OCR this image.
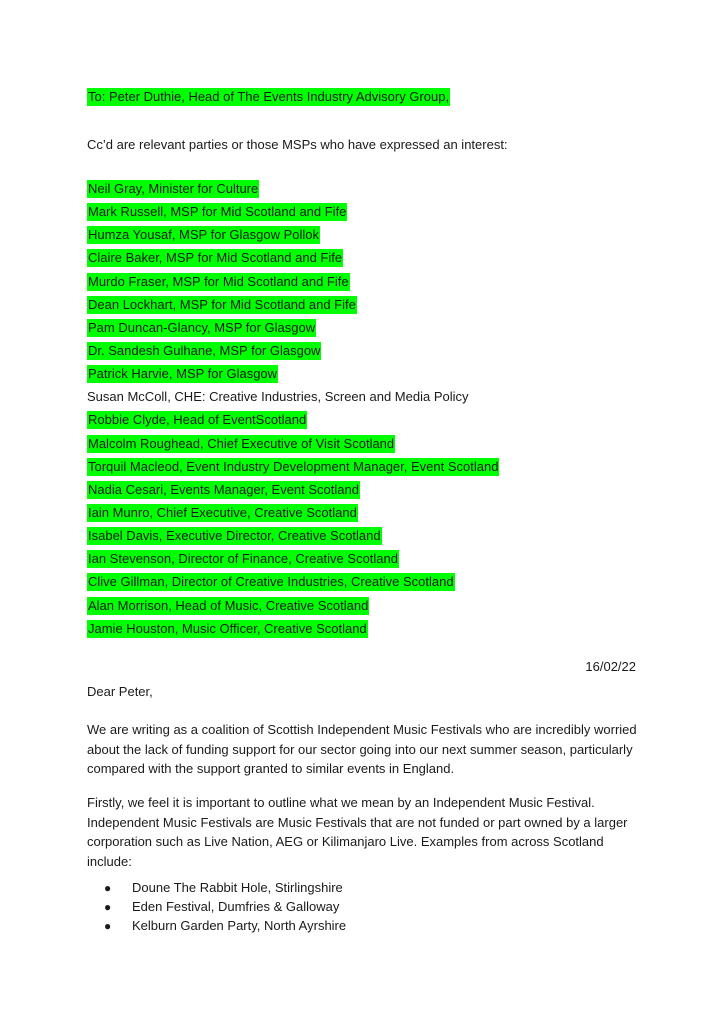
To: Peter Duthie, Head of The Events Industry Advisory Group,
Cc’d are relevant parties or those MSPs who have expressed an interest:
Neil Gray, Minister for Culture
Mark Russell, MSP for Mid Scotland and Fife
Humza Yousaf, MSP for Glasgow Pollok
Claire Baker, MSP for Mid Scotland and Fife
Murdo Fraser, MSP for Mid Scotland and Fife
Dean Lockhart, MSP for Mid Scotland and Fife
Pam Duncan-Glancy, MSP for Glasgow
Dr. Sandesh Gulhane, MSP for Glasgow
Patrick Harvie, MSP for Glasgow
Susan McColl, CHE: Creative Industries, Screen and Media Policy
Robbie Clyde, Head of EventScotland
Malcolm Roughead, Chief Executive of Visit Scotland
Torquil Macleod, Event Industry Development Manager, Event Scotland
Nadia Cesari, Events Manager, Event Scotland
Iain Munro, Chief Executive, Creative Scotland
Isabel Davis, Executive Director, Creative Scotland
Ian Stevenson, Director of Finance, Creative Scotland
Clive Gillman, Director of Creative Industries, Creative Scotland
Alan Morrison, Head of Music, Creative Scotland
Jamie Houston, Music Officer, Creative Scotland
16/02/22
Dear Peter,

We are writing as a coalition of Scottish Independent Music Festivals who are incredibly worried about the lack of funding support for our sector going into our next summer season, particularly compared with the support granted to similar events in England.

Firstly, we feel it is important to outline what we mean by an Independent Music Festival. Independent Music Festivals are Music Festivals that are not funded or part owned by a larger corporation such as Live Nation, AEG or Kilimanjaro Live. Examples from across Scotland include:

● Doune The Rabbit Hole, Stirlingshire
● Eden Festival, Dumfries & Galloway
● Kelburn Garden Party, North Ayrshire
